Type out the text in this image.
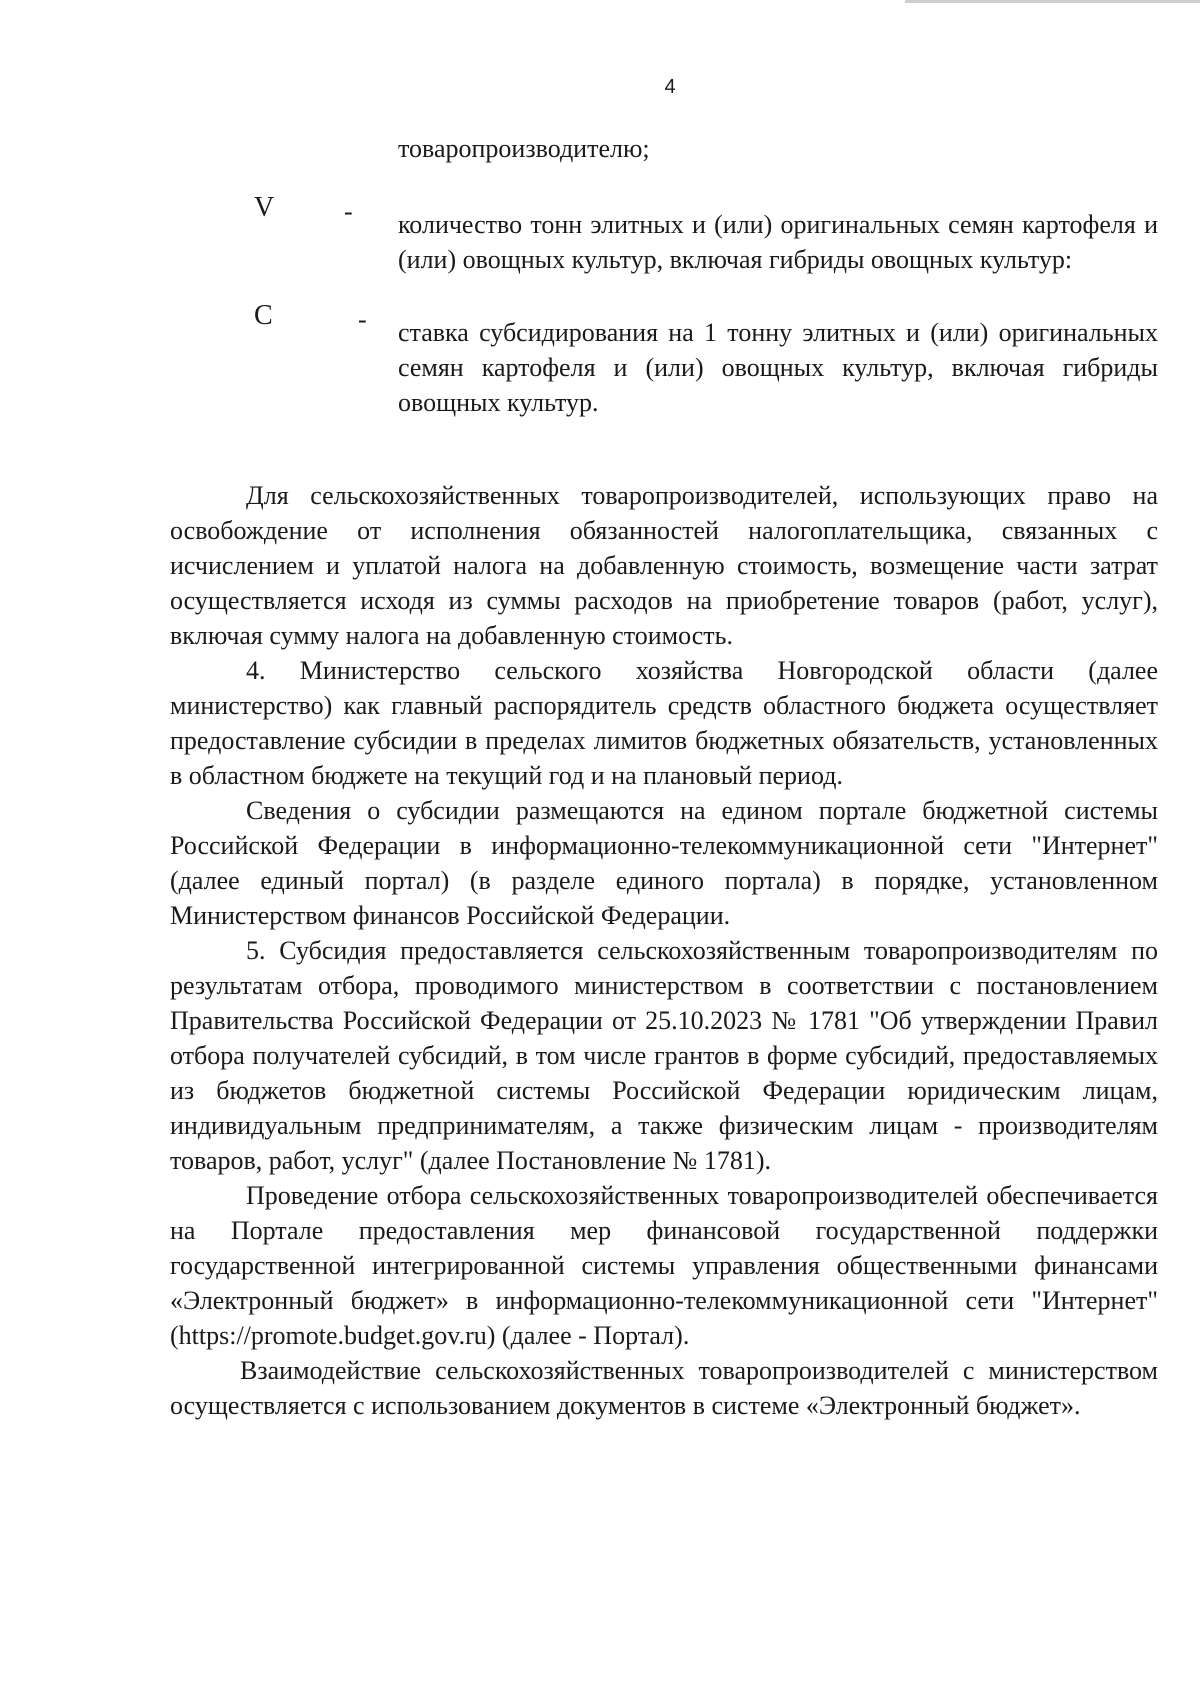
4
товаропроизводителю;
V	- количество тонн элитных и (или) оригинальных семян картофеля и (или) овощных культур, включая гибриды овощных культур:
С	- ставка субсидирования на 1 тонну элитных и (или) оригинальных семян картофеля и (или) овощных культур, включая гибриды овощных культур.

Для сельскохозяйственных товаропроизводителей, использующих право на освобождение от исполнения обязанностей налогоплательщика, связанных с исчислением и уплатой налога на добавленную стоимость, возмещение части затрат осуществляется исходя из суммы расходов на приобретение товаров (работ, услуг), включая сумму налога на добавленную стоимость.

4. Министерство сельского хозяйства Новгородской области (далее министерство) как главный распорядитель средств областного бюджета осуществляет предоставление субсидии в пределах лимитов бюджетных обязательств, установленных в областном бюджете на текущий год и на плановый период.

Сведения о субсидии размещаются на едином портале бюджетной системы Российской Федерации в информационно-телекоммуникационной сети "Интернет" (далее единый портал) (в разделе единого портала) в порядке, установленном Министерством финансов Российской Федерации.

5. Субсидия предоставляется сельскохозяйственным товаропроизводителям по результатам отбора, проводимого министерством в соответствии с постановлением Правительства Российской Федерации от 25.10.2023 № 1781 "Об утверждении Правил отбора получателей субсидий, в том числе грантов в форме субсидий, предоставляемых из бюджетов бюджетной системы Российской Федерации юридическим лицам, индивидуальным предпринимателям, а также физическим лицам - производителям товаров, работ, услуг" (далее Постановление № 1781).

Проведение отбора сельскохозяйственных товаропроизводителей обеспечивается на Портале предоставления мер финансовой государственной поддержки государственной интегрированной системы управления общественными финансами «Электронный бюджет» в информационно-телекоммуникационной сети "Интернет" (https://promote.budget.gov.ru) (далее - Портал).

Взаимодействие сельскохозяйственных товаропроизводителей с министерством осуществляется с использованием документов в системе «Электронный бюджет».
